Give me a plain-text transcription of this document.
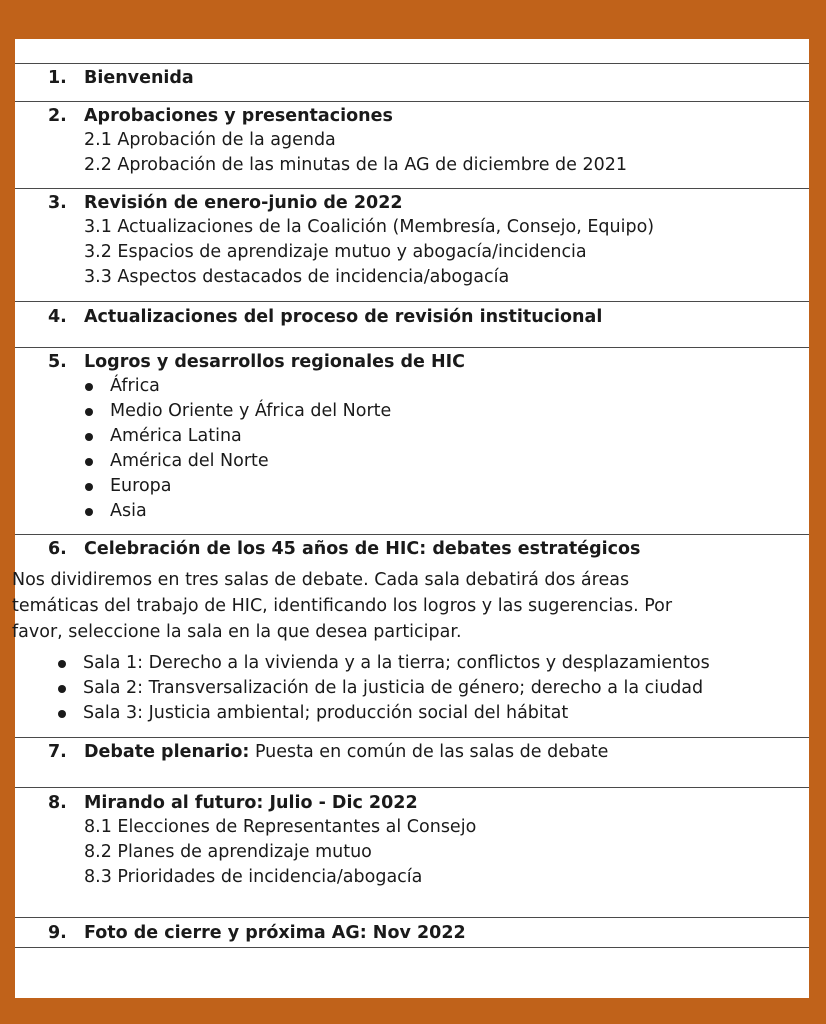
1. Bienvenida
2. Aprobaciones y presentaciones
2.1 Aprobación de la agenda
2.2 Aprobación de las minutas de la AG de diciembre de 2021
3. Revisión de enero-junio de 2022
3.1 Actualizaciones de la Coalición (Membresía, Consejo, Equipo)
3.2 Espacios de aprendizaje mutuo y abogacía/incidencia
3.3 Aspectos destacados de incidencia/abogacía
4. Actualizaciones del proceso de revisión institucional
5. Logros y desarrollos regionales de HIC
África
Medio Oriente y África del Norte
América Latina
América del Norte
Europa
Asia
6. Celebración de los 45 años de HIC: debates estratégicos
Nos dividiremos en tres salas de debate. Cada sala debatirá dos áreas
temáticas del trabajo de HIC, identificando los logros y las sugerencias. Por
favor, seleccione la sala en la que desea participar.
Sala 1: Derecho a la vivienda y a la tierra; conflictos y desplazamientos
Sala 2: Transversalización de la justicia de género; derecho a la ciudad
Sala 3: Justicia ambiental; producción social del hábitat
7. Debate plenario: Puesta en común de las salas de debate
8. Mirando al futuro: Julio - Dic 2022
8.1 Elecciones de Representantes al Consejo
8.2 Planes de aprendizaje mutuo
8.3 Prioridades de incidencia/abogacía
9. Foto de cierre y próxima AG: Nov 2022
